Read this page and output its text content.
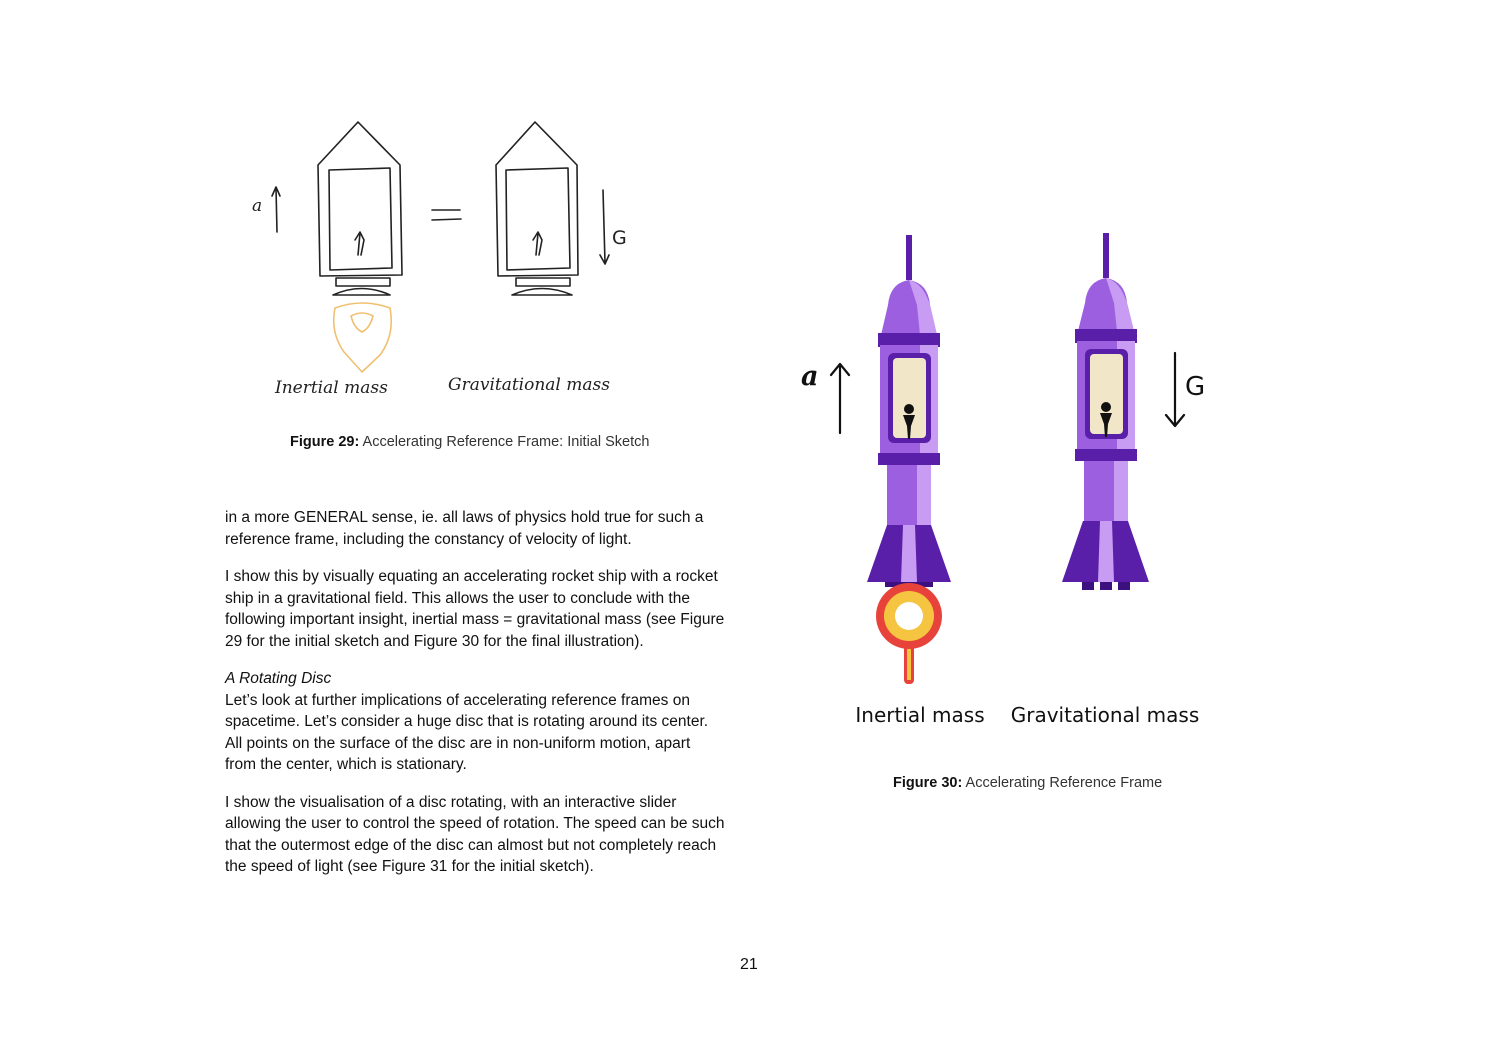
a
G
Inertial mass	Gravitational mass
Figure 29: Accelerating Reference Frame: Initial Sketch
a	G
Inertial mass Gravitational mass
Figure 30: Accelerating Reference Frame

in a more GENERAL sense, ie. all laws of physics hold true for such a reference frame, including the constancy of velocity of light.

I show this by visually equating an accelerating rocket ship with a rocket ship in a gravitational field. This allows the user to conclude with the following important insight, inertial mass = gravitational mass (see Figure 29 for the initial sketch and Figure 30 for the final illustration).

A Rotating Disc

Let’s look at further implications of accelerating reference frames on spacetime. Let’s consider a huge disc that is rotating around its center. All points on the surface of the disc are in non-uniform motion, apart from the center, which is stationary.

I show the visualisation of a disc rotating, with an interactive slider allowing the user to control the speed of rotation. The speed can be such that the outermost edge of the disc can almost but not completely reach the speed of light (see Figure 31 for the initial sketch).

21
